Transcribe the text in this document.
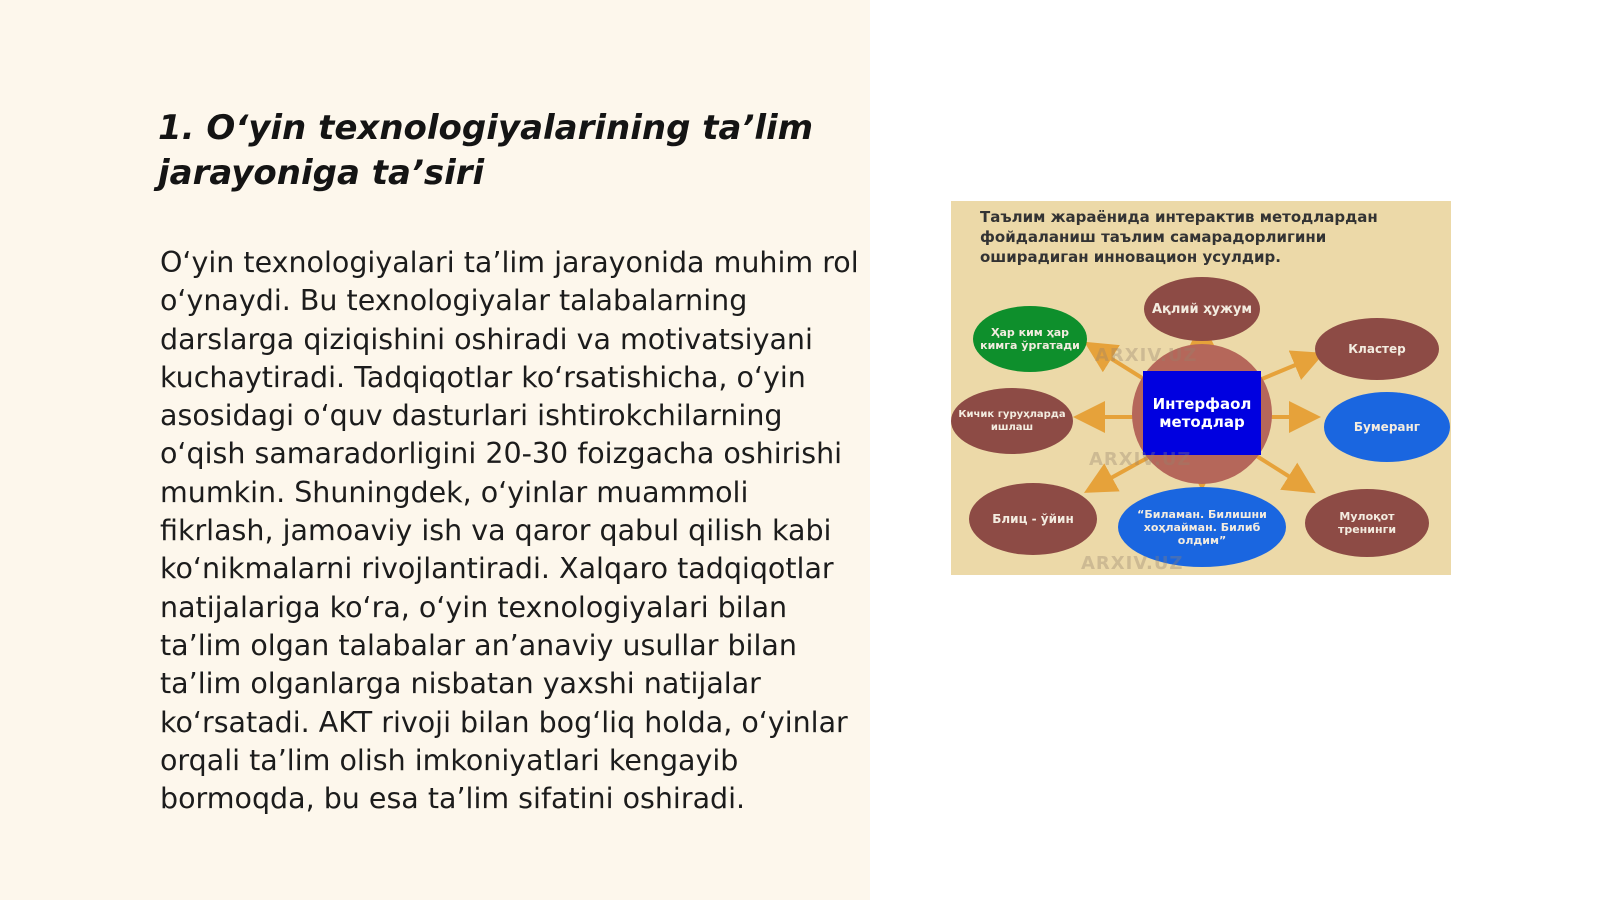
1. O‘yin texnologiyalarining ta’lim
jarayoniga ta’siri

O‘yin texnologiyalari ta’lim jarayonida muhim rol o‘ynaydi. Bu texnologiyalar talabalarning darslarga qiziqishini oshiradi va motivatsiyani kuchaytiradi. Tadqiqotlar ko‘rsatishicha, o‘yin asosidagi o‘quv dasturlari ishtirokchilarning o‘qish samaradorligini 20-30 foizgacha oshirishi mumkin. Shuningdek, o‘yinlar muammoli fikrlash, jamoaviy ish va qaror qabul qilish kabi ko‘nikmalarni rivojlantiradi. Xalqaro tadqiqotlar natijalariga ko‘ra, o‘yin texnologiyalari bilan ta’lim olgan talabalar an’anaviy usullar bilan ta’lim olganlarga nisbatan yaxshi natijalar ko‘rsatadi. AKT rivoji bilan bog‘liq holda, o‘yinlar orqali ta’lim olish imkoniyatlari kengayib bormoqda, bu esa ta’lim sifatini oshiradi.

Таълим жараёнида интерактив методлардан фойдаланиш таълим самарадорлигини оширадиган инновацион усулдир.

ARXIV.UZ
ARXIV.UZ
ARXIV.UZ
Интерфаол методлар
Ақлий ҳужум
Ҳар ким ҳар кимга ўргатади	Кластер
Кичик гуруҳларда ишлаш	Бумеранг
Блиц - ўйин	“Биламан. Билишни хоҳлайман. Билиб олдим”
Мулоқот тренинги
